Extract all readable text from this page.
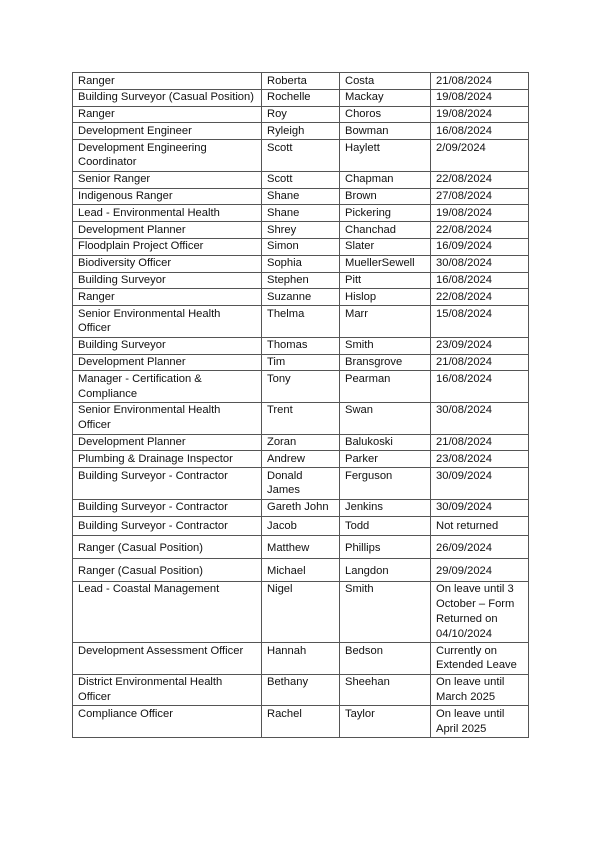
Ranger	Roberta	Costa	21/08/2024
Building Surveyor (Casual Position)	Rochelle	Mackay	19/08/2024
Ranger	Roy	Choros	19/08/2024
Development Engineer	Ryleigh	Bowman	16/08/2024
Development Engineering Coordinator	Scott	Haylett	2/09/2024
Senior Ranger	Scott	Chapman	22/08/2024
Indigenous Ranger	Shane	Brown	27/08/2024
Lead - Environmental Health	Shane	Pickering	19/08/2024
Development Planner	Shrey	Chanchad	22/08/2024
Floodplain Project Officer	Simon	Slater	16/09/2024
Biodiversity Officer	Sophia	MuellerSewell	30/08/2024
Building Surveyor	Stephen	Pitt	16/08/2024
Ranger	Suzanne	Hislop	22/08/2024
Senior Environmental Health Officer	Thelma	Marr	15/08/2024
Building Surveyor	Thomas	Smith	23/09/2024
Development Planner	Tim	Bransgrove	21/08/2024
Manager - Certification & Compliance	Tony	Pearman	16/08/2024
Senior Environmental Health Officer	Trent	Swan	30/08/2024
Development Planner	Zoran	Balukoski	21/08/2024
Plumbing & Drainage Inspector	Andrew	Parker	23/08/2024
Building Surveyor - Contractor	Donald James	Ferguson	30/09/2024
Building Surveyor - Contractor	Gareth John	Jenkins	30/09/2024
Building Surveyor - Contractor	Jacob	Todd	Not returned
Ranger (Casual Position)	Matthew	Phillips	26/09/2024
Ranger (Casual Position)	Michael	Langdon	29/09/2024
Lead - Coastal Management	Nigel	Smith	On leave until 3 October – Form Returned on 04/10/2024
Development Assessment Officer	Hannah	Bedson	Currently on Extended Leave
District Environmental Health Officer	Bethany	Sheehan	On leave until March 2025
Compliance Officer	Rachel	Taylor	On leave until April 2025
